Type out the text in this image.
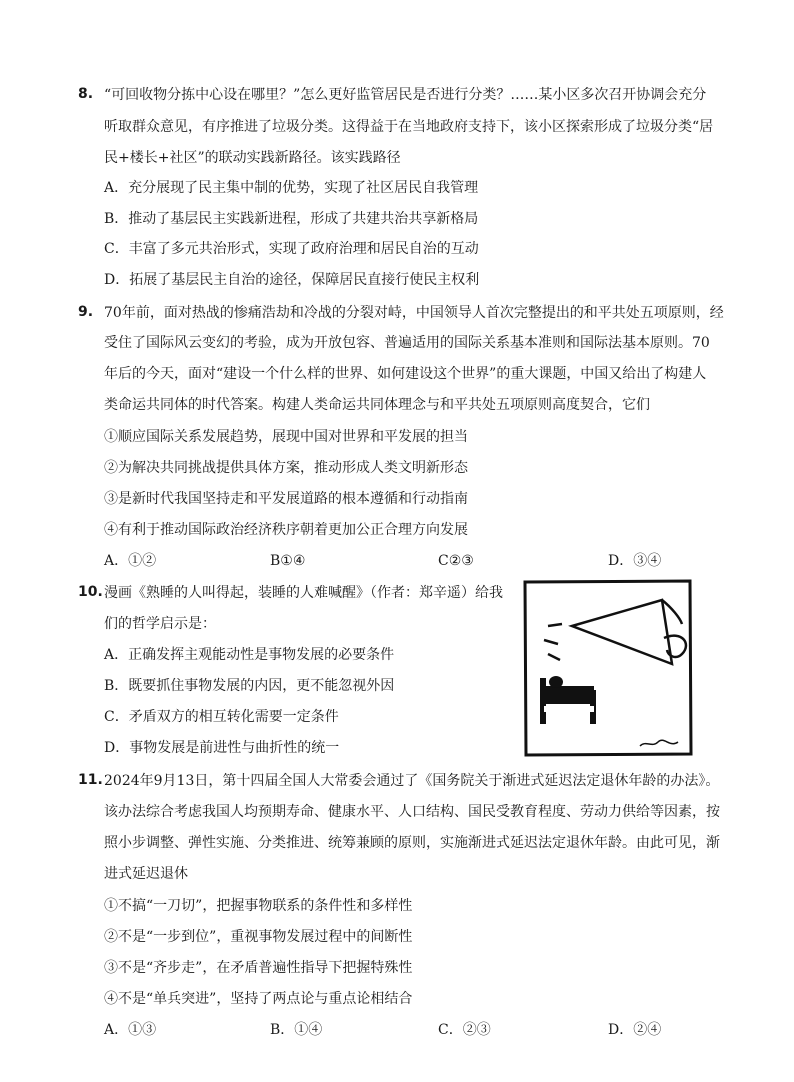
8. “可回收物分拣中心设在哪里？”怎么更好监管居民是否进行分类？……某小区多次召开协调会充分
听取群众意见，有序推进了垃圾分类。这得益于在当地政府支持下，该小区探索形成了垃圾分类“居
民+楼长+社区”的联动实践新路径。该实践路径
A．充分展现了民主集中制的优势，实现了社区居民自我管理
B．推动了基层民主实践新进程，形成了共建共治共享新格局
C．丰富了多元共治形式，实现了政府治理和居民自治的互动
D．拓展了基层民主自治的途径，保障居民直接行使民主权利
9. 70年前，面对热战的惨痛浩劫和冷战的分裂对峙，中国领导人首次完整提出的和平共处五项原则，经
受住了国际风云变幻的考验，成为开放包容、普遍适用的国际关系基本准则和国际法基本原则。70
年后的今天，面对“建设一个什么样的世界、如何建设这个世界”的重大课题，中国又给出了构建人
类命运共同体的时代答案。构建人类命运共同体理念与和平共处五项原则高度契合，它们
①顺应国际关系发展趋势，展现中国对世界和平发展的担当
②为解决共同挑战提供具体方案，推动形成人类文明新形态
③是新时代我国坚持走和平发展道路的根本遵循和行动指南
④有利于推动国际政治经济秩序朝着更加公正合理方向发展
A．①②	B①④	C②③	D．③④
10. 漫画《熟睡的人叫得起，装睡的人难喊醒》（作者：郑辛遥）给我
们的哲学启示是：
A．正确发挥主观能动性是事物发展的必要条件
B．既要抓住事物发展的内因，更不能忽视外因
C．矛盾双方的相互转化需要一定条件
D．事物发展是前进性与曲折性的统一
11. 2024年9月13日，第十四届全国人大常委会通过了《国务院关于渐进式延迟法定退休年龄的办法》。
该办法综合考虑我国人均预期寿命、健康水平、人口结构、国民受教育程度、劳动力供给等因素，按
照小步调整、弹性实施、分类推进、统筹兼顾的原则，实施渐进式延迟法定退休年龄。由此可见，渐
进式延迟退休
①不搞“一刀切”，把握事物联系的条件性和多样性
②不是“一步到位”，重视事物发展过程中的间断性
③不是“齐步走”，在矛盾普遍性指导下把握特殊性
④不是“单兵突进”，坚持了两点论与重点论相结合
A．①③	B．①④	C．②③	D．②④
